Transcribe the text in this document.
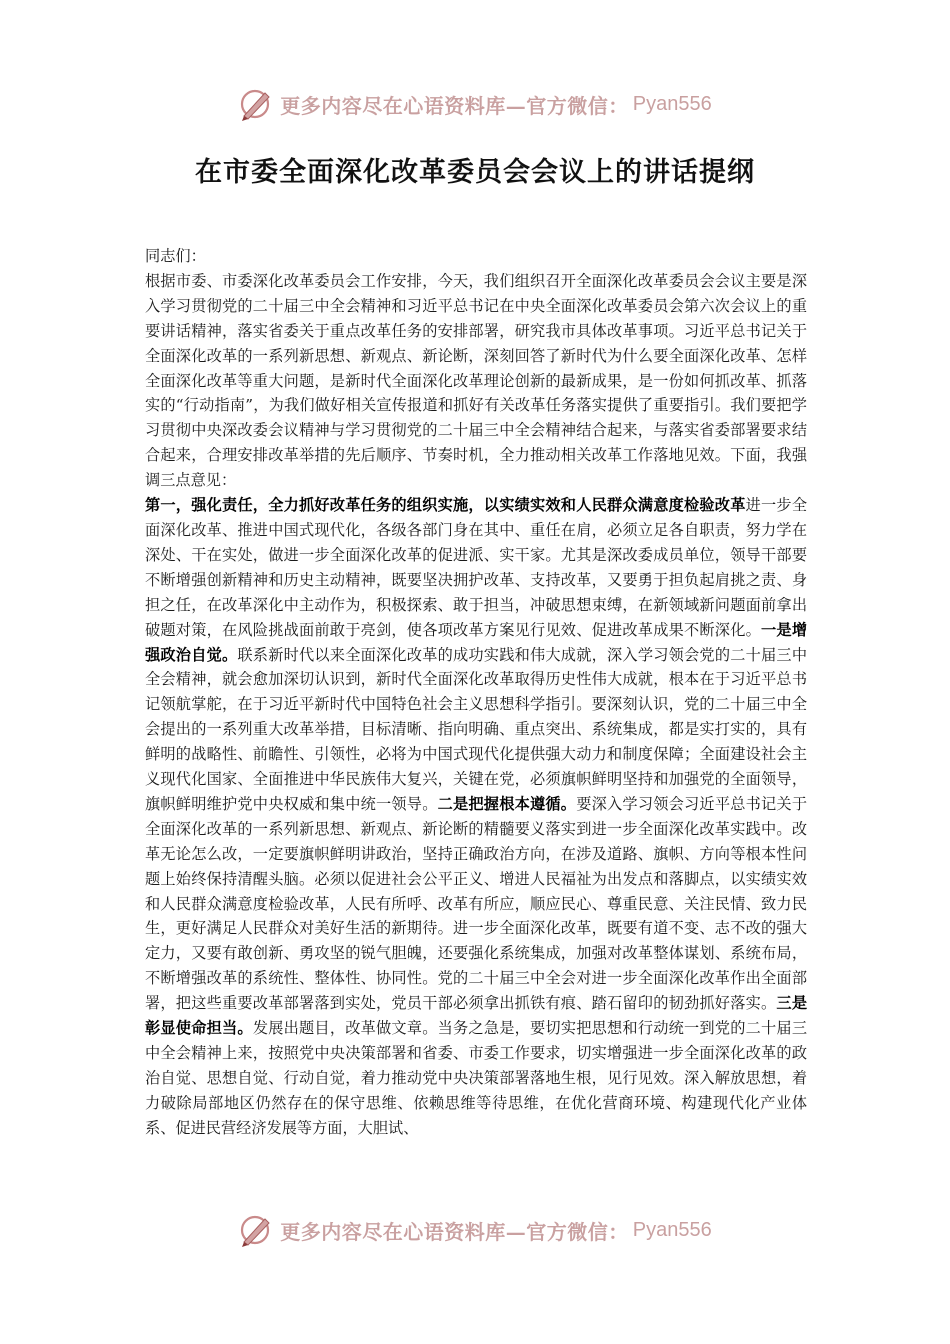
更多内容尽在心语资料库—官方微信： Pyan556
在市委全面深化改革委员会会议上的讲话提纲

同志们：

根据市委、市委深化改革委员会工作安排，今天，我们组织召开全面深化改革委员会会议主要是深入学习贯彻党的二十届三中全会精神和习近平总书记在中央全面深化改革委员会第六次会议上的重要讲话精神，落实省委关于重点改革任务的安排部署，研究我市具体改革事项。习近平总书记关于全面深化改革的一系列新思想、新观点、新论断，深刻回答了新时代为什么要全面深化改革、怎样全面深化改革等重大问题，是新时代全面深化改革理论创新的最新成果，是一份如何抓改革、抓落实的“行动指南”，为我们做好相关宣传报道和抓好有关改革任务落实提供了重要指引。我们要把学习贯彻中央深改委会议精神与学习贯彻党的二十届三中全会精神结合起来，与落实省委部署要求结合起来，合理安排改革举措的先后顺序、节奏时机，全力推动相关改革工作落地见效。下面，我强调三点意见：

第一，强化责任，全力抓好改革任务的组织实施，以实绩实效和人民群众满意度检验改革进一步全面深化改革、推进中国式现代化，各级各部门身在其中、重任在肩，必须立足各自职责，努力学在深处、干在实处，做进一步全面深化改革的促进派、实干家。尤其是深改委成员单位，领导干部要不断增强创新精神和历史主动精神，既要坚决拥护改革、支持改革，又要勇于担负起肩挑之责、身担之任，在改革深化中主动作为，积极探索、敢于担当，冲破思想束缚，在新领域新问题面前拿出破题对策，在风险挑战面前敢于亮剑，使各项改革方案见行见效、促进改革成果不断深化。一是增强政治自觉。联系新时代以来全面深化改革的成功实践和伟大成就，深入学习领会党的二十届三中全会精神，就会愈加深切认识到，新时代全面深化改革取得历史性伟大成就，根本在于习近平总书记领航掌舵，在于习近平新时代中国特色社会主义思想科学指引。要深刻认识，党的二十届三中全会提出的一系列重大改革举措，目标清晰、指向明确、重点突出、系统集成，都是实打实的，具有鲜明的战略性、前瞻性、引领性，必将为中国式现代化提供强大动力和制度保障；全面建设社会主义现代化国家、全面推进中华民族伟大复兴，关键在党，必须旗帜鲜明坚持和加强党的全面领导，旗帜鲜明维护党中央权威和集中统一领导。二是把握根本遵循。要深入学习领会习近平总书记关于全面深化改革的一系列新思想、新观点、新论断的精髓要义落实到进一步全面深化改革实践中。改革无论怎么改，一定要旗帜鲜明讲政治，坚持正确政治方向，在涉及道路、旗帜、方向等根本性问题上始终保持清醒头脑。必须以促进社会公平正义、增进人民福祉为出发点和落脚点，以实绩实效和人民群众满意度检验改革，人民有所呼、改革有所应，顺应民心、尊重民意、关注民情、致力民生，更好满足人民群众对美好生活的新期待。进一步全面深化改革，既要有道不变、志不改的强大定力，又要有敢创新、勇攻坚的锐气胆魄，还要强化系统集成，加强对改革整体谋划、系统布局，不断增强改革的系统性、整体性、协同性。党的二十届三中全会对进一步全面深化改革作出全面部署，把这些重要改革部署落到实处，党员干部必须拿出抓铁有痕、踏石留印的韧劲抓好落实。三是彰显使命担当。发展出题目，改革做文章。当务之急是，要切实把思想和行动统一到党的二十届三中全会精神上来，按照党中央决策部署和省委、市委工作要求，切实增强进一步全面深化改革的政治自觉、思想自觉、行动自觉，着力推动党中央决策部署落地生根，见行见效。深入解放思想，着力破除局部地区仍然存在的保守思维、依赖思维等待思维，在优化营商环境、构建现代化产业体系、促进民营经济发展等方面，大胆试、

更多内容尽在心语资料库—官方微信： Pyan556
